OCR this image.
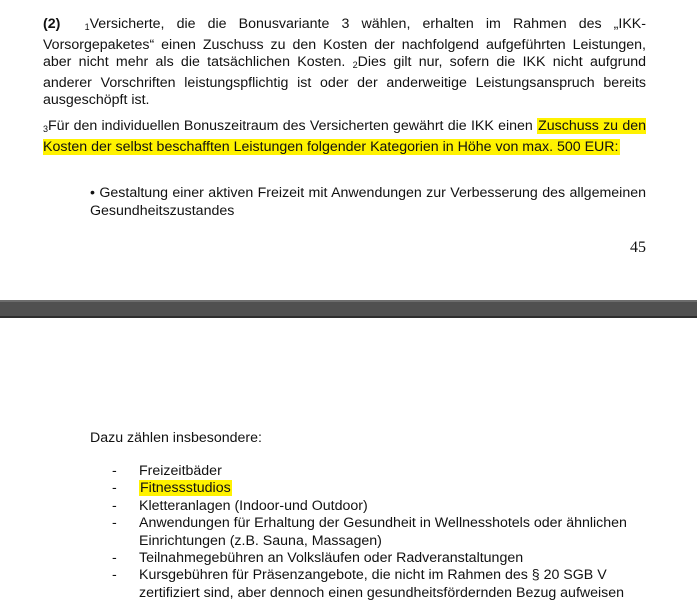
(2)	$_1$Versicherte, die die Bonusvariante 3 wählen, erhalten im Rahmen des „IKK-Vorsorgepaketes“ einen Zuschuss zu den Kosten der nachfolgend aufgeführten Leistungen, aber nicht mehr als die tatsächlichen Kosten. $_2$Dies gilt nur, sofern die IKK nicht aufgrund anderer Vorschriften leistungspflichtig ist oder der anderweitige Leistungsanspruch bereits ausgeschöpft ist.

$_3$Für den individuellen Bonuszeitraum des Versicherten gewährt die IKK einen Zuschuss zu den Kosten der selbst beschafften Leistungen folgender Kategorien in Höhe von max. 500 EUR:

• Gestaltung einer aktiven Freizeit mit Anwendungen zur Verbesserung des allgemeinen Gesundheitszustandes

45

Dazu zählen insbesondere:

- Freizeitbäder
- Fitnessstudios
- Kletteranlagen (Indoor-und Outdoor)
- Anwendungen für Erhaltung der Gesundheit in Wellnesshotels oder ähnlichen Einrichtungen (z.B. Sauna, Massagen)
- Teilnahmegebühren an Volksläufen oder Radveranstaltungen
- Kursgebühren für Präsenzangebote, die nicht im Rahmen des § 20 SGB V zertifiziert sind, aber dennoch einen gesundheitsfördernden Bezug aufweisen
